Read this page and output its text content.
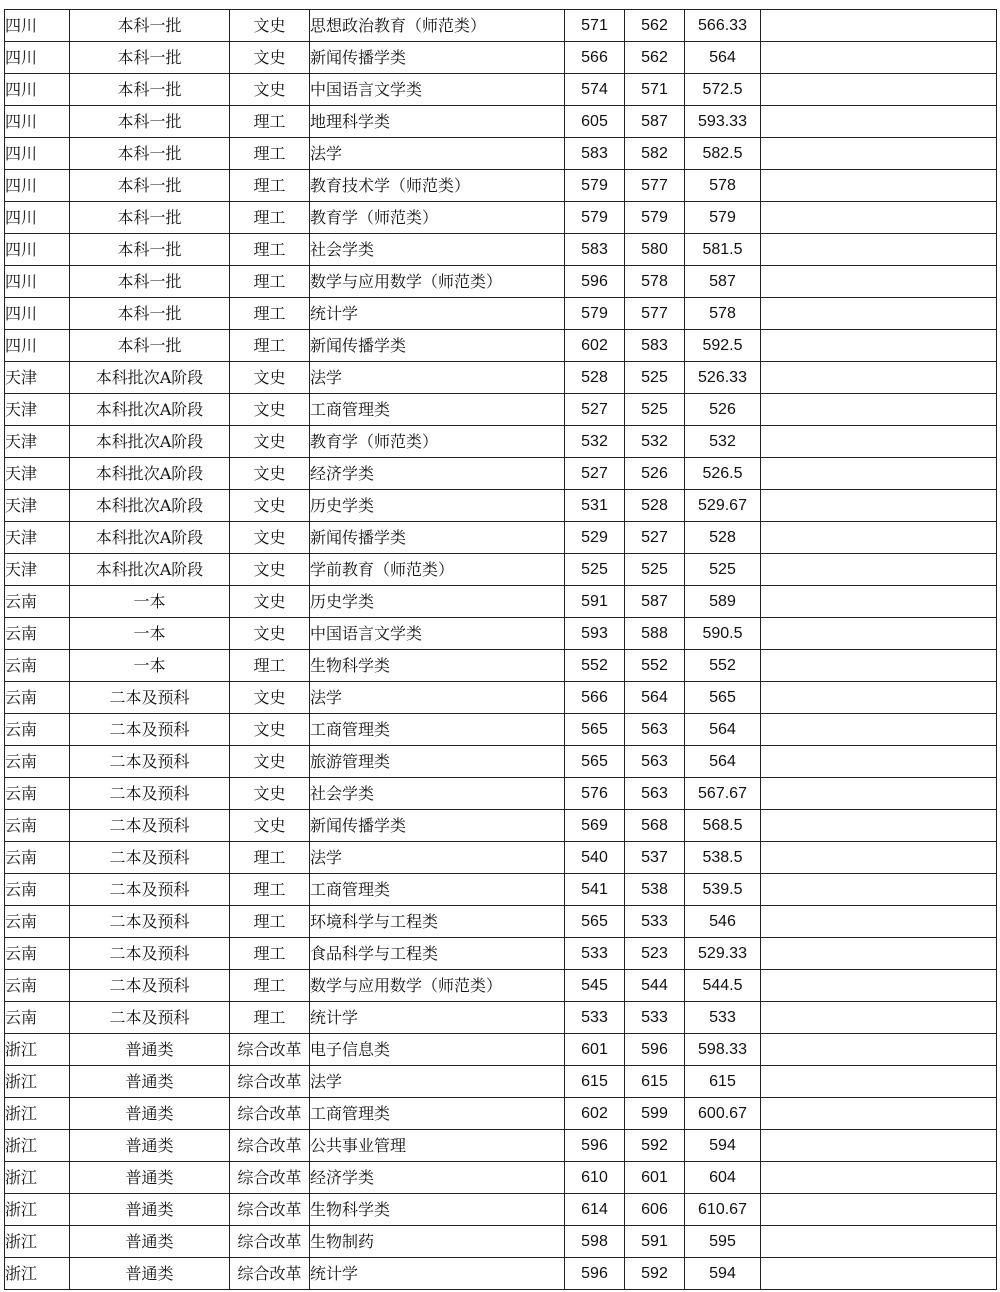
四川	本科一批	文史	思想政治教育（师范类）	571	562	566.33	
四川	本科一批	文史	新闻传播学类	566	562	564	
四川	本科一批	文史	中国语言文学类	574	571	572.5	
四川	本科一批	理工	地理科学类	605	587	593.33	
四川	本科一批	理工	法学	583	582	582.5	
四川	本科一批	理工	教育技术学（师范类）	579	577	578	
四川	本科一批	理工	教育学（师范类）	579	579	579	
四川	本科一批	理工	社会学类	583	580	581.5	
四川	本科一批	理工	数学与应用数学（师范类）	596	578	587	
四川	本科一批	理工	统计学	579	577	578	
四川	本科一批	理工	新闻传播学类	602	583	592.5	
天津	本科批次A阶段	文史	法学	528	525	526.33	
天津	本科批次A阶段	文史	工商管理类	527	525	526	
天津	本科批次A阶段	文史	教育学（师范类）	532	532	532	
天津	本科批次A阶段	文史	经济学类	527	526	526.5	
天津	本科批次A阶段	文史	历史学类	531	528	529.67	
天津	本科批次A阶段	文史	新闻传播学类	529	527	528	
天津	本科批次A阶段	文史	学前教育（师范类）	525	525	525	
云南	一本	文史	历史学类	591	587	589	
云南	一本	文史	中国语言文学类	593	588	590.5	
云南	一本	理工	生物科学类	552	552	552	
云南	二本及预科	文史	法学	566	564	565	
云南	二本及预科	文史	工商管理类	565	563	564	
云南	二本及预科	文史	旅游管理类	565	563	564	
云南	二本及预科	文史	社会学类	576	563	567.67	
云南	二本及预科	文史	新闻传播学类	569	568	568.5	
云南	二本及预科	理工	法学	540	537	538.5	
云南	二本及预科	理工	工商管理类	541	538	539.5	
云南	二本及预科	理工	环境科学与工程类	565	533	546	
云南	二本及预科	理工	食品科学与工程类	533	523	529.33	
云南	二本及预科	理工	数学与应用数学（师范类）	545	544	544.5	
云南	二本及预科	理工	统计学	533	533	533	
浙江	普通类	综合改革	电子信息类	601	596	598.33	
浙江	普通类	综合改革	法学	615	615	615	
浙江	普通类	综合改革	工商管理类	602	599	600.67	
浙江	普通类	综合改革	公共事业管理	596	592	594	
浙江	普通类	综合改革	经济学类	610	601	604	
浙江	普通类	综合改革	生物科学类	614	606	610.67	
浙江	普通类	综合改革	生物制药	598	591	595	
浙江	普通类	综合改革	统计学	596	592	594	
